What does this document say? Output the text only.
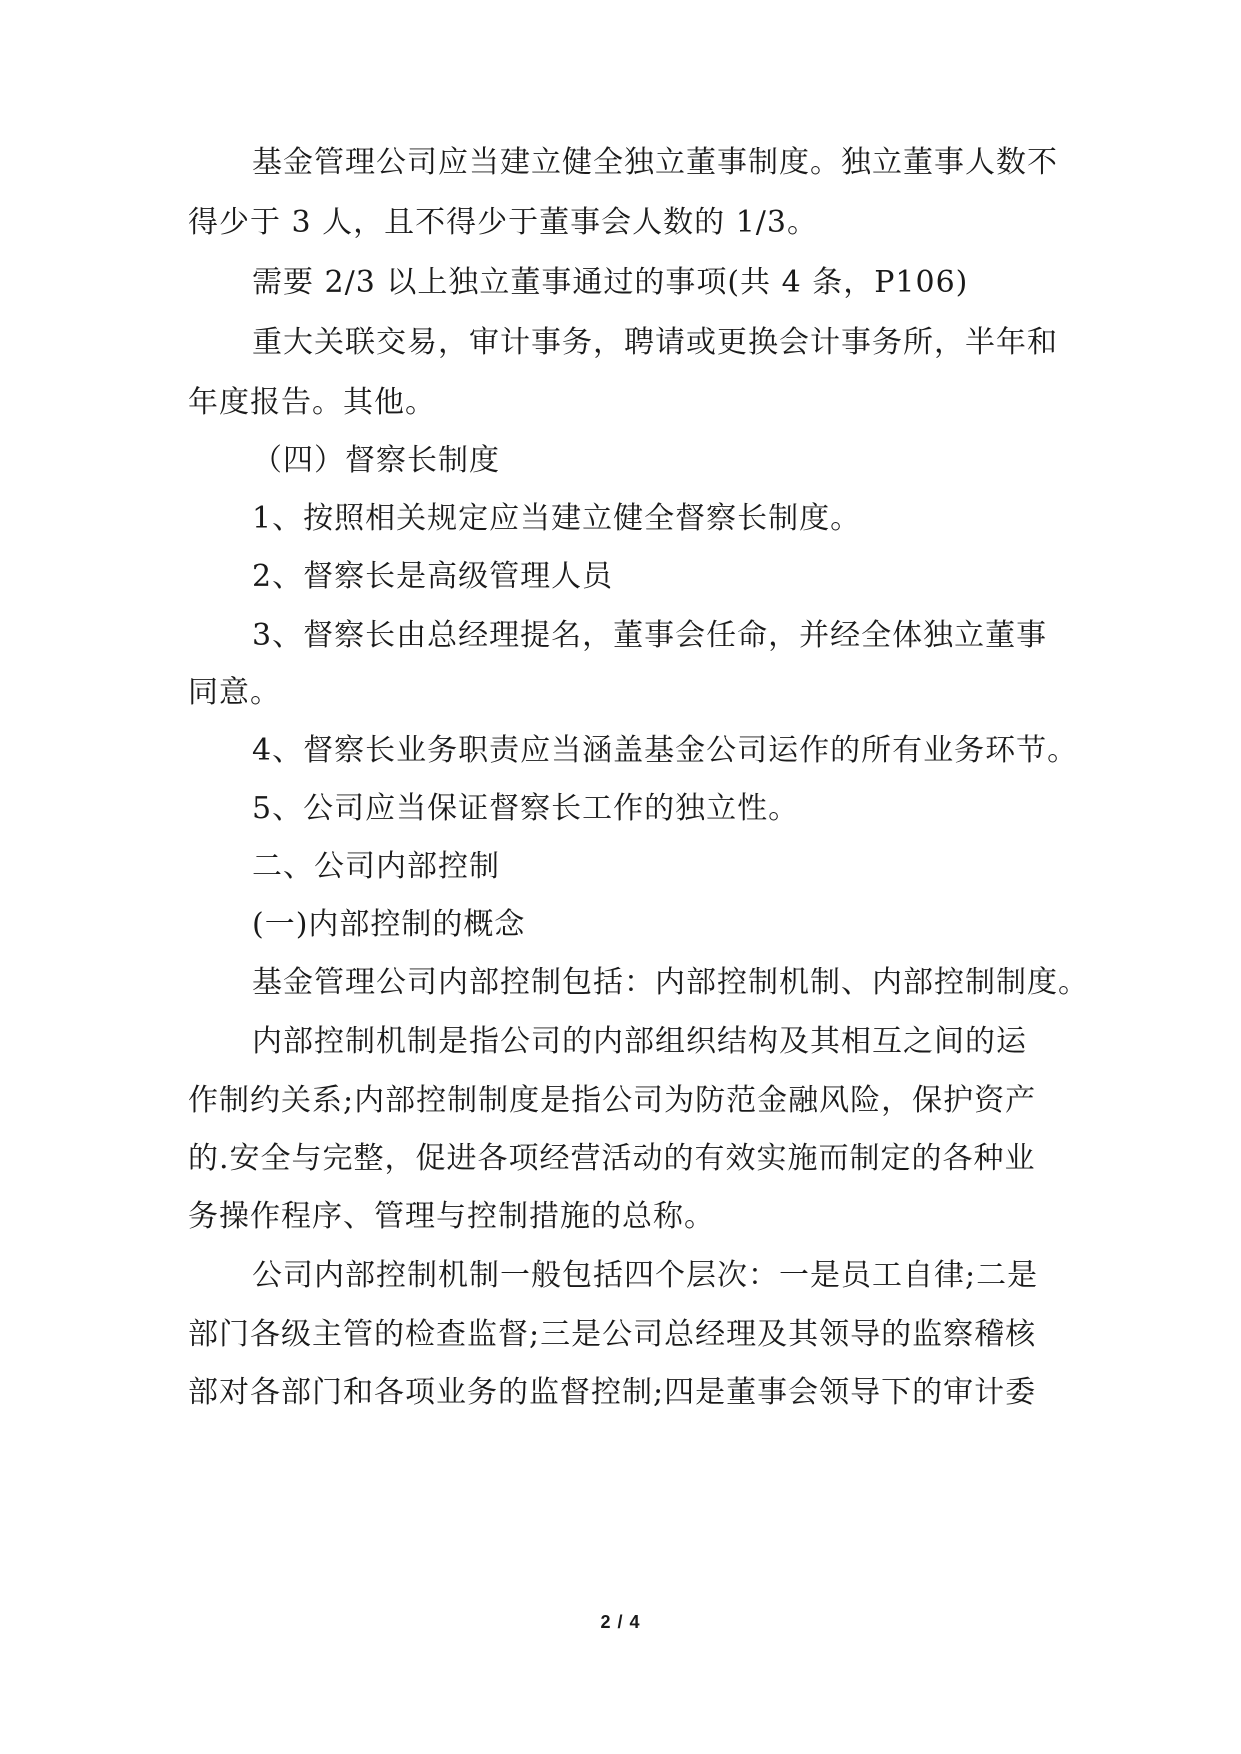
基金管理公司应当建立健全独立董事制度。独立董事人数不
得少于 3 人，且不得少于董事会人数的 1/3。
需要 2/3 以上独立董事通过的事项(共 4 条，P106)
重大关联交易，审计事务，聘请或更换会计事务所，半年和
年度报告。其他。
（四）督察长制度
1、按照相关规定应当建立健全督察长制度。
2、督察长是高级管理人员
3、督察长由总经理提名，董事会任命，并经全体独立董事
同意。
4、督察长业务职责应当涵盖基金公司运作的所有业务环节。
5、公司应当保证督察长工作的独立性。
二、公司内部控制
(一)内部控制的概念
基金管理公司内部控制包括：内部控制机制、内部控制制度。
内部控制机制是指公司的内部组织结构及其相互之间的运
作制约关系;内部控制制度是指公司为防范金融风险，保护资产
的.安全与完整，促进各项经营活动的有效实施而制定的各种业
务操作程序、管理与控制措施的总称。
公司内部控制机制一般包括四个层次：一是员工自律;二是
部门各级主管的检查监督;三是公司总经理及其领导的监察稽核
部对各部门和各项业务的监督控制;四是董事会领导下的审计委
2 / 4
